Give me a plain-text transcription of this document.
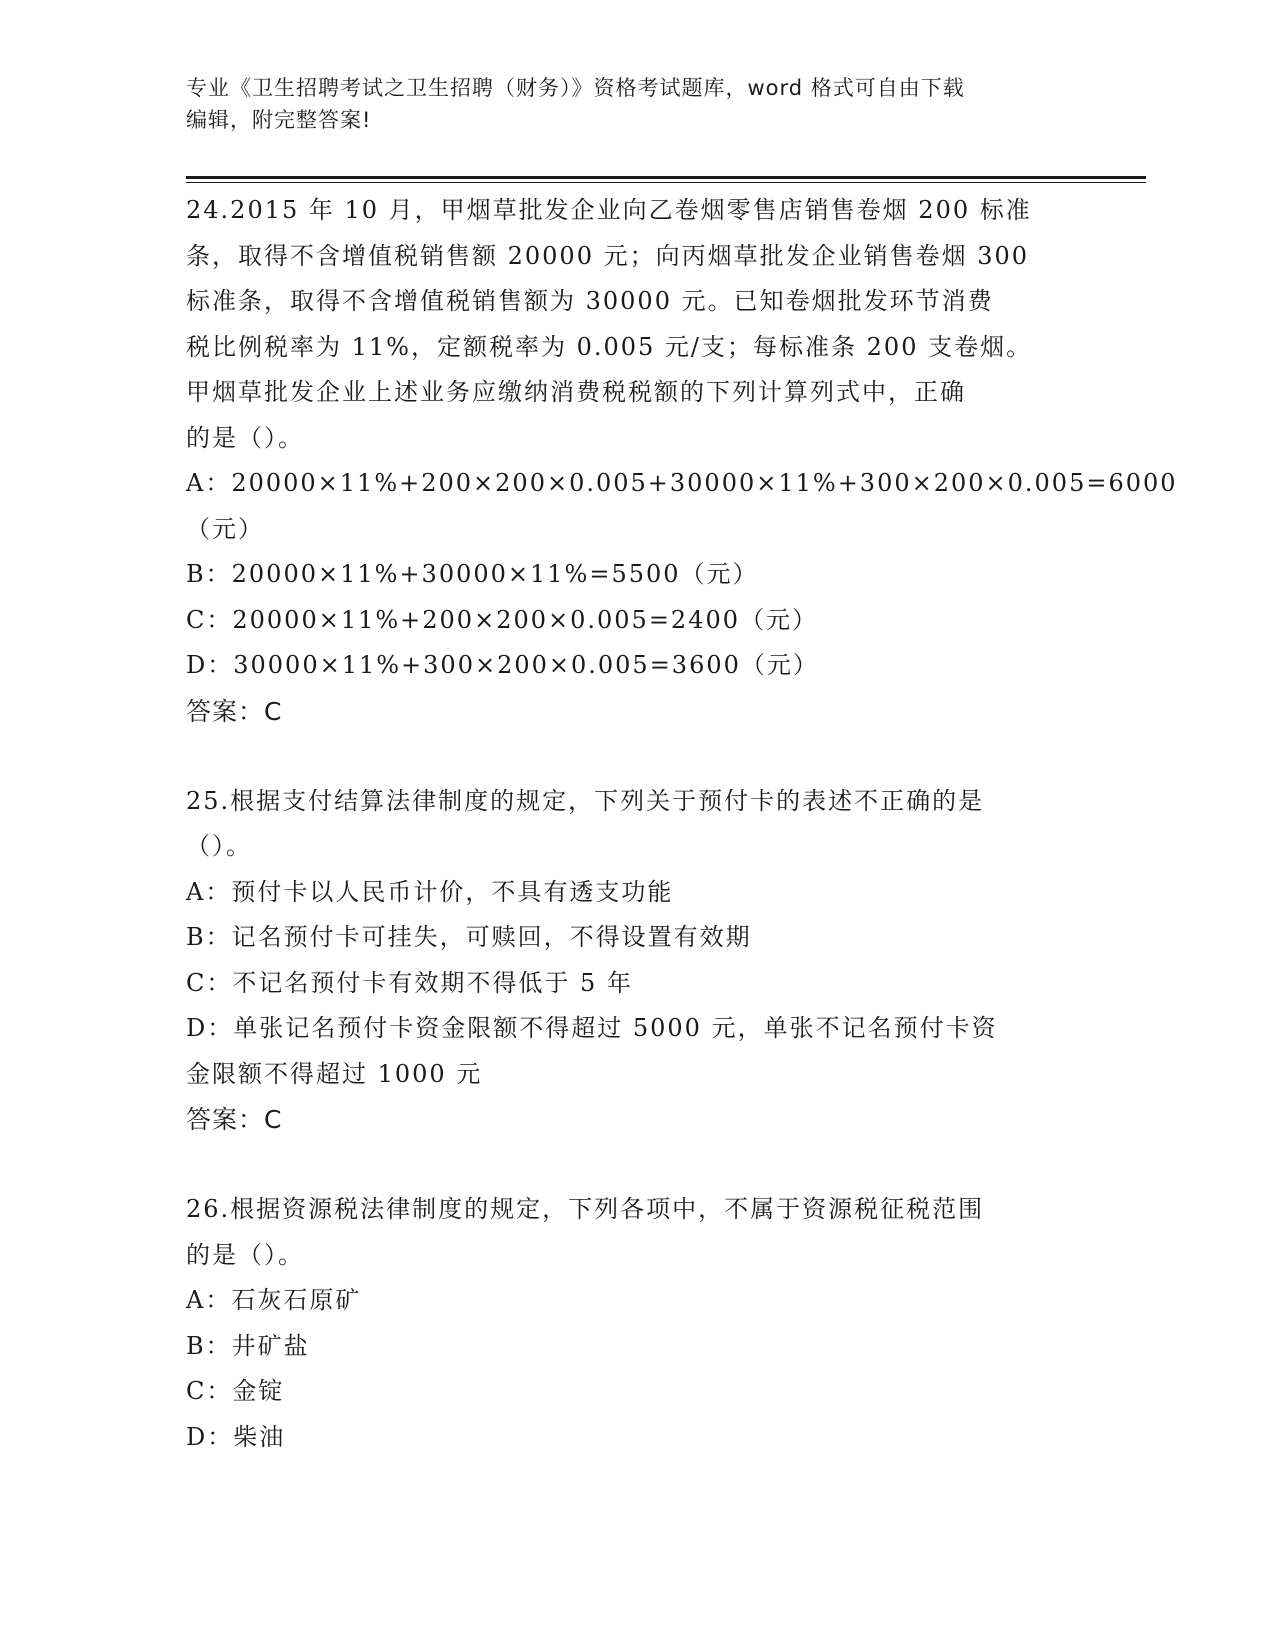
专业《卫生招聘考试之卫生招聘（财务）》资格考试题库，word 格式可自由下载
编辑，附完整答案!
24.2015 年 10 月，甲烟草批发企业向乙卷烟零售店销售卷烟 200 标准
条，取得不含增值税销售额 20000 元；向丙烟草批发企业销售卷烟 300
标准条，取得不含增值税销售额为 30000 元。已知卷烟批发环节消费
税比例税率为 11%，定额税率为 0.005 元/支；每标准条 200 支卷烟。
甲烟草批发企业上述业务应缴纳消费税税额的下列计算列式中，正确
的是（）。
A：20000×11%+200×200×0.005+30000×11%+300×200×0.005=6000
（元）
B：20000×11%+30000×11%=5500（元）
C：20000×11%+200×200×0.005=2400（元）
D：30000×11%+300×200×0.005=3600（元）
答案：C
25.根据支付结算法律制度的规定，下列关于预付卡的表述不正确的是
（）。
A：预付卡以人民币计价，不具有透支功能
B：记名预付卡可挂失，可赎回，不得设置有效期
C：不记名预付卡有效期不得低于 5 年
D：单张记名预付卡资金限额不得超过 5000 元，单张不记名预付卡资
金限额不得超过 1000 元
答案：C
26.根据资源税法律制度的规定，下列各项中，不属于资源税征税范围
的是（）。
A：石灰石原矿
B：井矿盐
C：金锭
D：柴油
